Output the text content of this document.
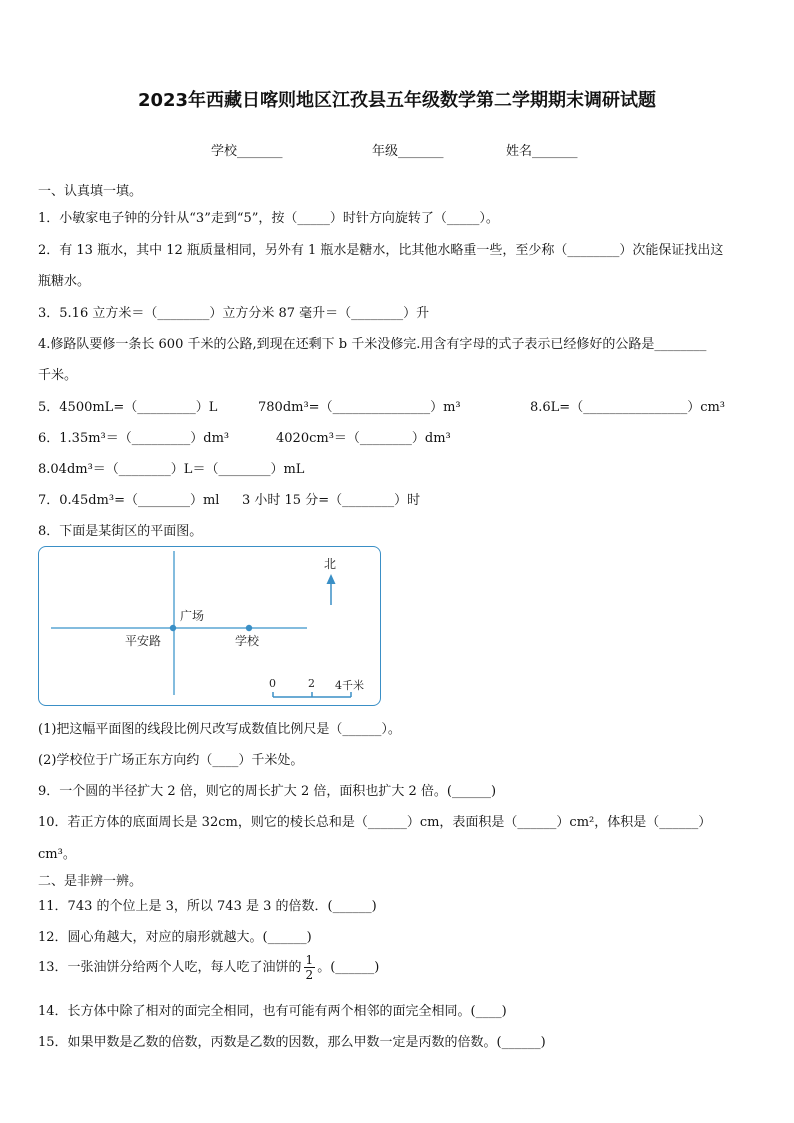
2023年西藏日喀则地区江孜县五年级数学第二学期期末调研试题
学校_______	年级_______	姓名_______
一、认真填一填。
1．小敏家电子钟的分针从“3”走到“5”，按（_____）时针方向旋转了（_____）。
2．有 13 瓶水，其中 12 瓶质量相同，另外有 1 瓶水是糖水，比其他水略重一些，至少称（________）次能保证找出这
瓶糖水。
3．5.16 立方米＝（________）立方分米 87 毫升＝（________）升
4.修路队要修一条长 600 千米的公路,到现在还剩下 b 千米没修完.用含有字母的式子表示已经修好的公路是________
千米。
5．4500mL=（_________）L	780dm³=（_______________）m³	8.6L=（________________）cm³
6．1.35m³＝（_________）dm³	4020cm³＝（________）dm³
8.04dm³＝（________）L＝（________）mL
7．0.45dm³=（________）ml 3 小时 15 分=（________）时
8．下面是某街区的平面图。
北
广场
平安路	学校
0	2 4千米
(1)把这幅平面图的线段比例尺改写成数值比例尺是（______）。
(2)学校位于广场正东方向约（____）千米处。
9．一个圆的半径扩大 2 倍，则它的周长扩大 2 倍，面积也扩大 2 倍。(______)
10．若正方体的底面周长是 32cm，则它的棱长总和是（______）cm，表面积是（______）cm²，体积是（______）
cm³。
二、是非辨一辨。
11．743 的个位上是 3，所以 743 是 3 的倍数．(______)
12．圆心角越大，对应的扇形就越大。(______)
13．一张油饼分给两个人吃，每人吃了油饼的 $\frac{1}{2}$ 。(______)
14．长方体中除了相对的面完全相同，也有可能有两个相邻的面完全相同。(____)
15．如果甲数是乙数的倍数，丙数是乙数的因数，那么甲数一定是丙数的倍数。(______)
